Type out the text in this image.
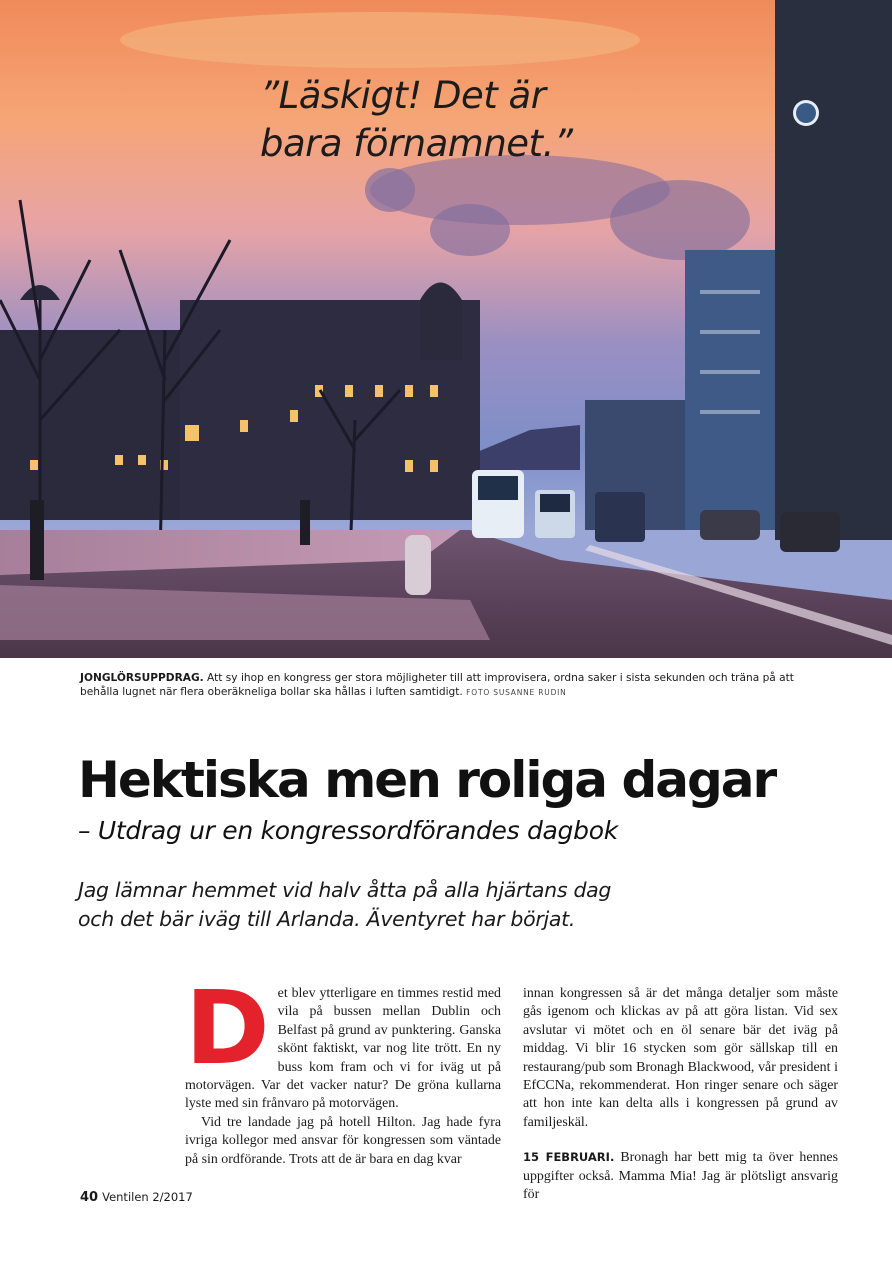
”Läskigt! Det är
bara förnamnet.”
JONGLÖRSUPPDRAG. Att sy ihop en kongress ger stora möjligheter till att improvisera, ordna saker i sista sekunden och träna på att behålla lugnet när flera oberäkneliga bollar ska hållas i luften samtidigt. FOTO SUSANNE RUDIN
Hektiska men roliga dagar
– Utdrag ur en kongressordförandes dagbok
Jag lämnar hemmet vid halv åtta på alla hjärtans dag
och det bär iväg till Arlanda. Äventyret har börjat.
D et blev ytterligare en timmes restid med vila på bussen mellan Dublin och Belfast på grund av punktering. Ganska skönt faktiskt, var nog lite trött. En ny buss kom fram och vi for iväg ut på motorvägen. Var det vacker natur? De gröna kullarna lyste med sin frånvaro på motorvägen.

Vid tre landade jag på hotell Hilton. Jag hade fyra ivriga kollegor med ansvar för kongressen som väntade på sin ordförande. Trots att de är bara en dag kvar

innan kongressen så är det många detaljer som måste gås igenom och klickas av på att göra listan. Vid sex avslutar vi mötet och en öl senare bär det iväg på middag. Vi blir 16 stycken som gör sällskap till en restaurang/pub som Bronagh Blackwood, vår president i EfCCNa, rekommenderat. Hon ringer senare och säger att hon inte kan delta alls i kongressen på grund av familjeskäl.

15 FEBRUARI. Bronagh har bett mig ta över hennes uppgifter också. Mamma Mia! Jag är plötsligt ansvarig för

40 Ventilen 2/2017
